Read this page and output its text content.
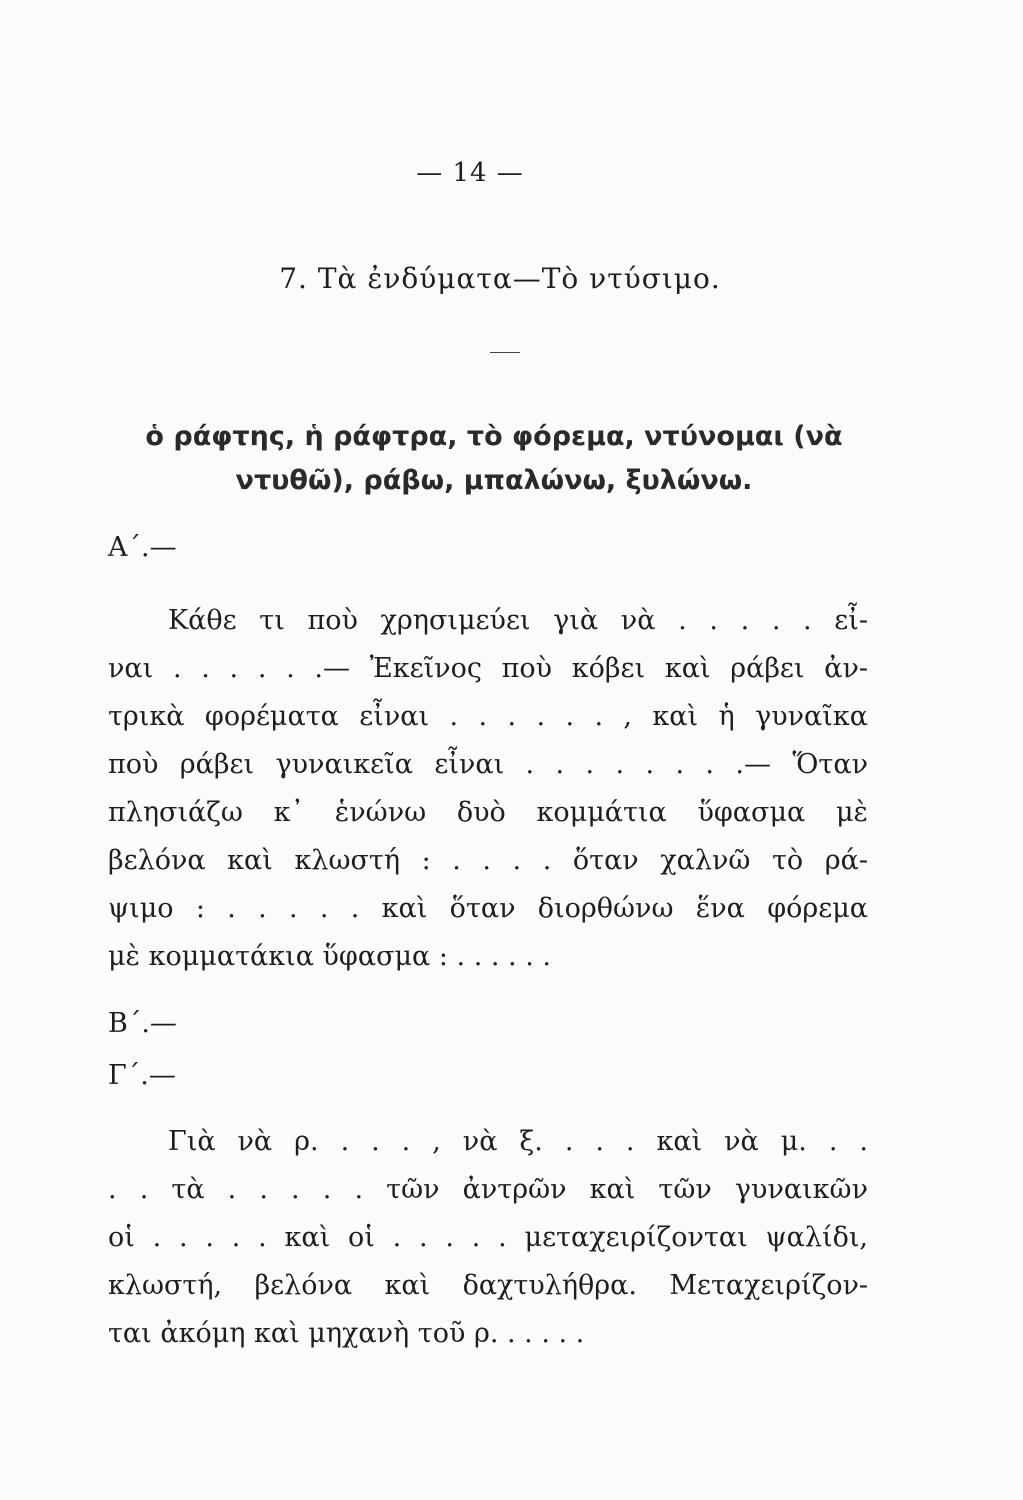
— 14 —
7. Τὰ ἐνδύματα—Τὸ ντύσιμο.
ὁ ράφτης, ἡ ράφτρα, τὸ φόρεμα, ντύνομαι (νὰ
ντυθῶ), ράβω, μπαλώνω, ξυλώνω.
Α΄.—
Κάθε τι ποὺ χρησιμεύει γιὰ νὰ . . . . . εἶ-
ναι . . . . . .— Ἐκεῖνος ποὺ κόβει καὶ ράβει ἀν-
τρικὰ φορέματα εἶναι . . . . . . , καὶ ἡ γυναῖκα
ποὺ ράβει γυναικεῖα εἶναι . . . . . . . .— Ὅταν
πλησιάζω κ᾿ ἑνώνω δυὸ κομμάτια ὕφασμα μὲ
βελόνα καὶ κλωστή : . . . . ὅταν χαλνῶ τὸ ρά-
ψιμο : . . . . . καὶ ὅταν διορθώνω ἕνα φόρεμα
μὲ κομματάκια ὕφασμα : . . . . . .
Β΄.—
Γ΄.—
Γιὰ νὰ ρ. . . . , νὰ ξ. . . . καὶ νὰ μ. . .
. . τὰ . . . . . τῶν ἀντρῶν καὶ τῶν γυναικῶν
οἱ . . . . . καὶ οἱ . . . . . μεταχειρίζονται ψαλίδι,
κλωστή, βελόνα καὶ δαχτυλήθρα. Μεταχειρίζον-
ται ἀκόμη καὶ μηχανὴ τοῦ ρ. . . . . .
